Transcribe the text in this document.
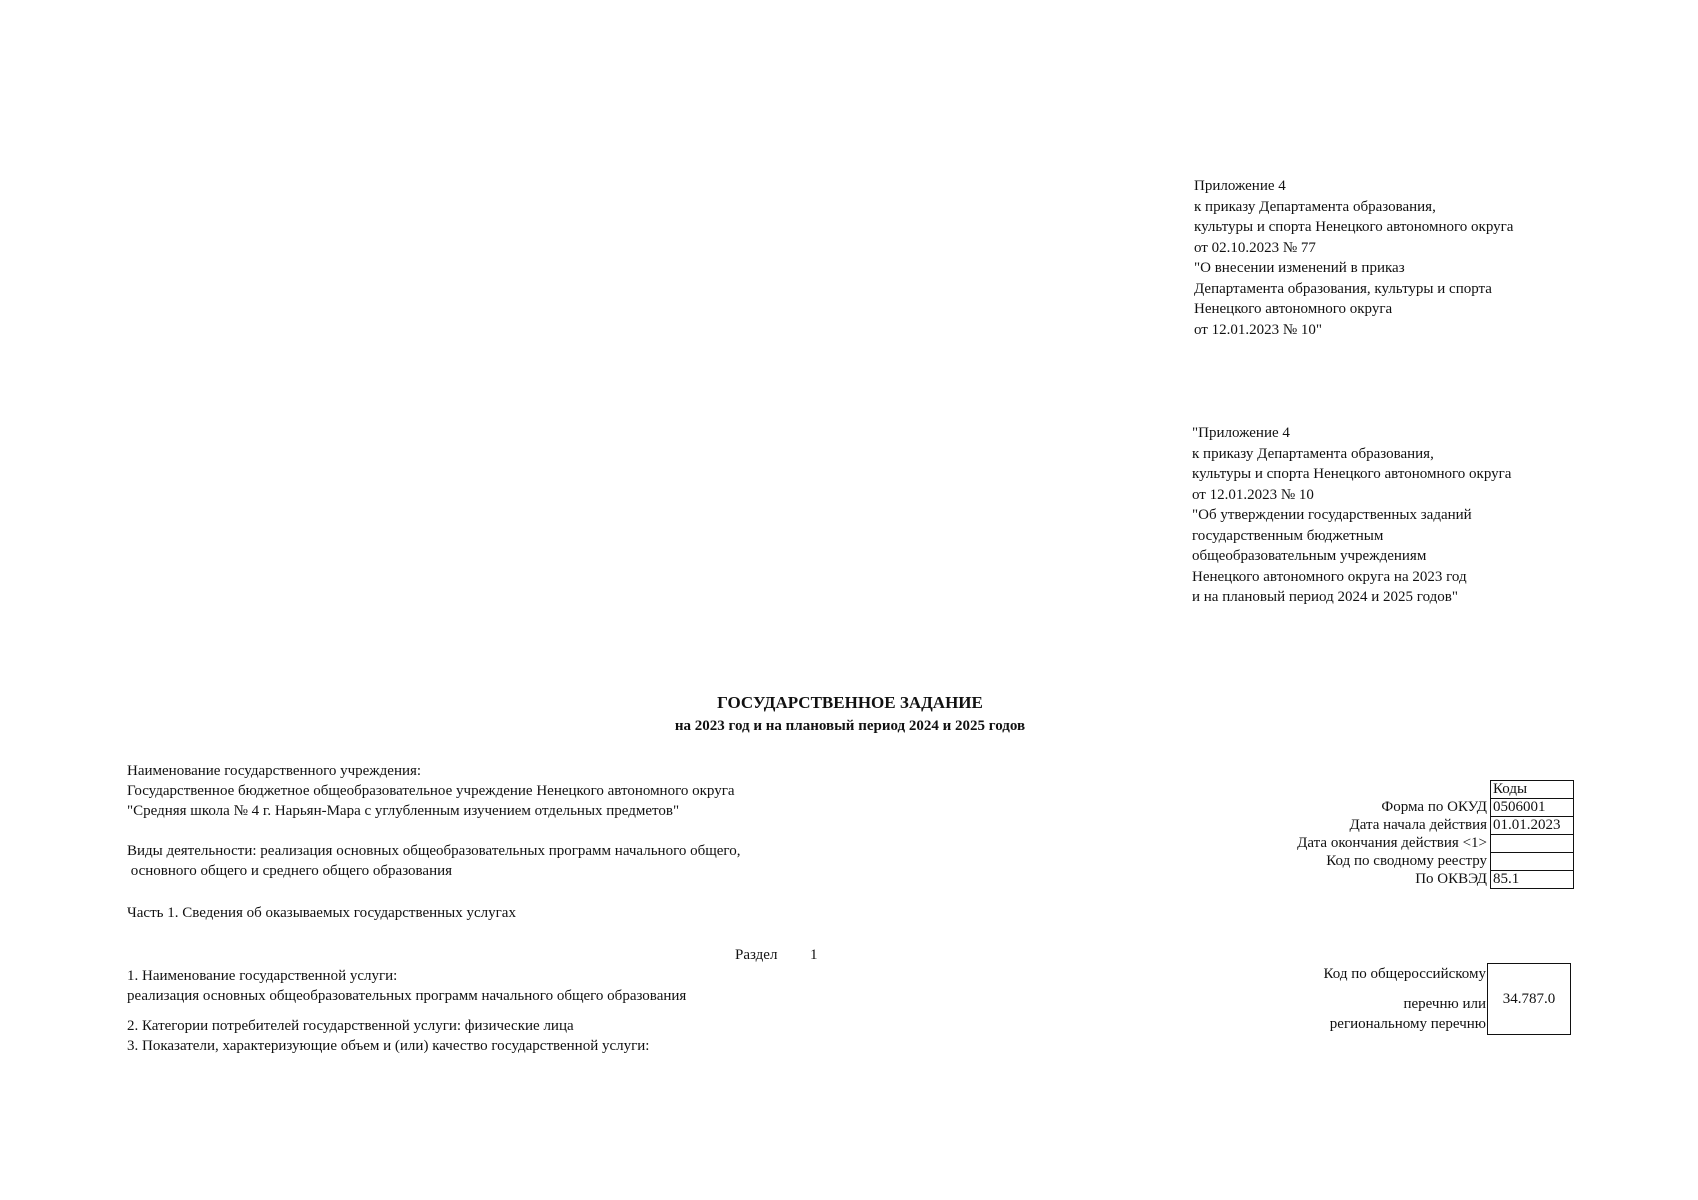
Приложение 4

к приказу Департамента образования,

культуры и спорта Ненецкого автономного округа

от 02.10.2023 № 77

"О внесении изменений в приказ

Департамента образования, культуры и спорта

Ненецкого автономного округа

от 12.01.2023 № 10"

"Приложение 4

к приказу Департамента образования,

культуры и спорта Ненецкого автономного округа

от 12.01.2023 № 10

"Об утверждении государственных заданий

государственным бюджетным

общеобразовательным учреждениям

Ненецкого автономного округа на 2023 год

и на плановый период 2024 и 2025 годов"

ГОСУДАРСТВЕННОЕ ЗАДАНИЕ
на 2023 год и на плановый период 2024 и 2025 годов
Наименование государственного учреждения:
Государственное бюджетное общеобразовательное учреждение Ненецкого автономного округа
"Средняя школа № 4 г. Нарьян-Мара с углубленным изучением отдельных предметов"
Виды деятельности: реализация основных общеобразовательных программ начального общего,
основного общего и среднего общего образования
Часть 1. Сведения об оказываемых государственных услугах
Раздел 1
	Коды
Форма по ОКУД	0506001
Дата начала действия	01.01.2023
Дата окончания действия <1>	
Код по сводному реестру	
По ОКВЭД	85.1
1. Наименование государственной услуги:
реализация основных общеобразовательных программ начального общего образования
2. Категории потребителей государственной услуги: физические лица
3. Показатели, характеризующие объем и (или) качество государственной услуги:
Код по общероссийскому
перечню или
региональному перечню
34.787.0
